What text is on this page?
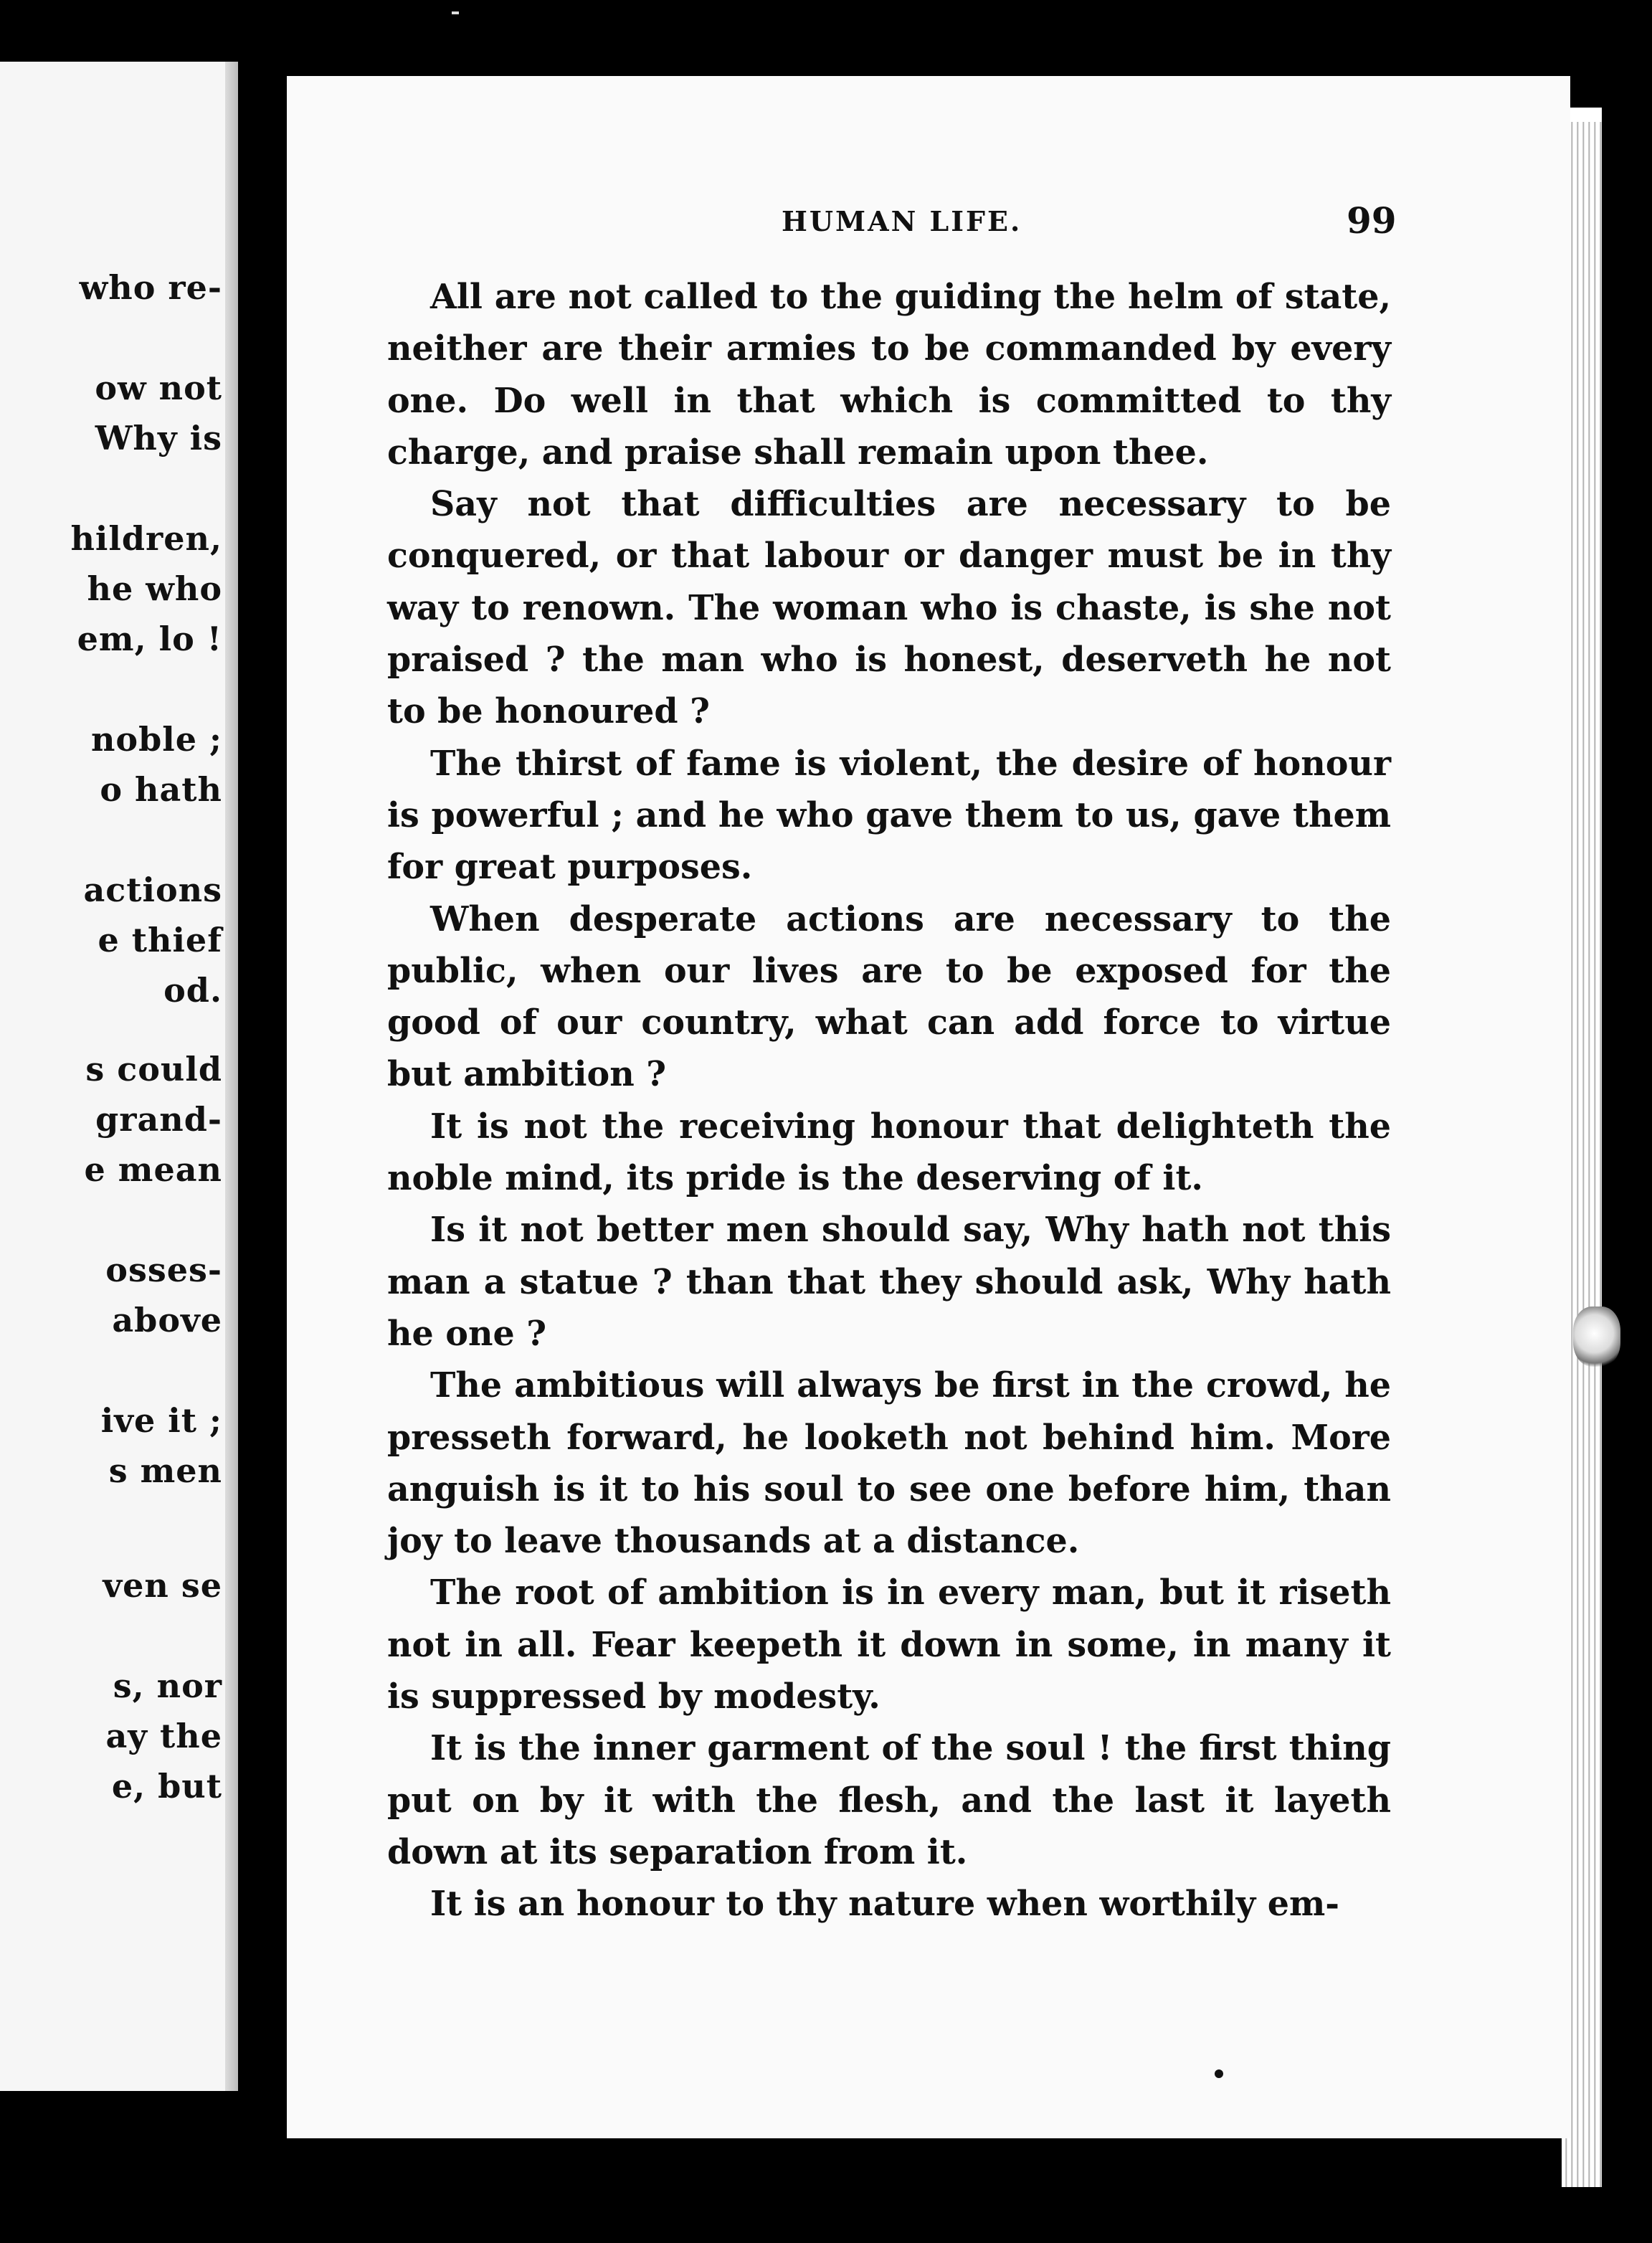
who re-
ow not
Why is
hildren,
he who
em, lo !
noble ;
o hath
actions
e thief
od.
s could
grand-
e mean
osses-
above
ive it ;
s men
ven se
s, nor
ay the
e, but
HUMAN LIFE.	99

All are not called to the guiding the helm of state, neither are their armies to be commanded by every one. Do well in that which is committed to thy charge, and praise shall remain upon thee.

Say not that difficulties are necessary to be conquered, or that labour or danger must be in thy way to renown. The woman who is chaste, is she not praised ? the man who is honest, deserveth he not to be honoured ?

The thirst of fame is violent, the desire of honour is powerful ; and he who gave them to us, gave them for great purposes.

When desperate actions are necessary to the public, when our lives are to be exposed for the good of our country, what can add force to virtue but ambition ?

It is not the receiving honour that delighteth the noble mind, its pride is the deserving of it.

Is it not better men should say, Why hath not this man a statue ? than that they should ask, Why hath he one ?

The ambitious will always be first in the crowd, he presseth forward, he looketh not behind him. More anguish is it to his soul to see one before him, than joy to leave thousands at a distance.

The root of ambition is in every man, but it riseth not in all. Fear keepeth it down in some, in many it is suppressed by modesty.

It is the inner garment of the soul ! the first thing put on by it with the flesh, and the last it layeth down at its separation from it.

It is an honour to thy nature when worthily em-
